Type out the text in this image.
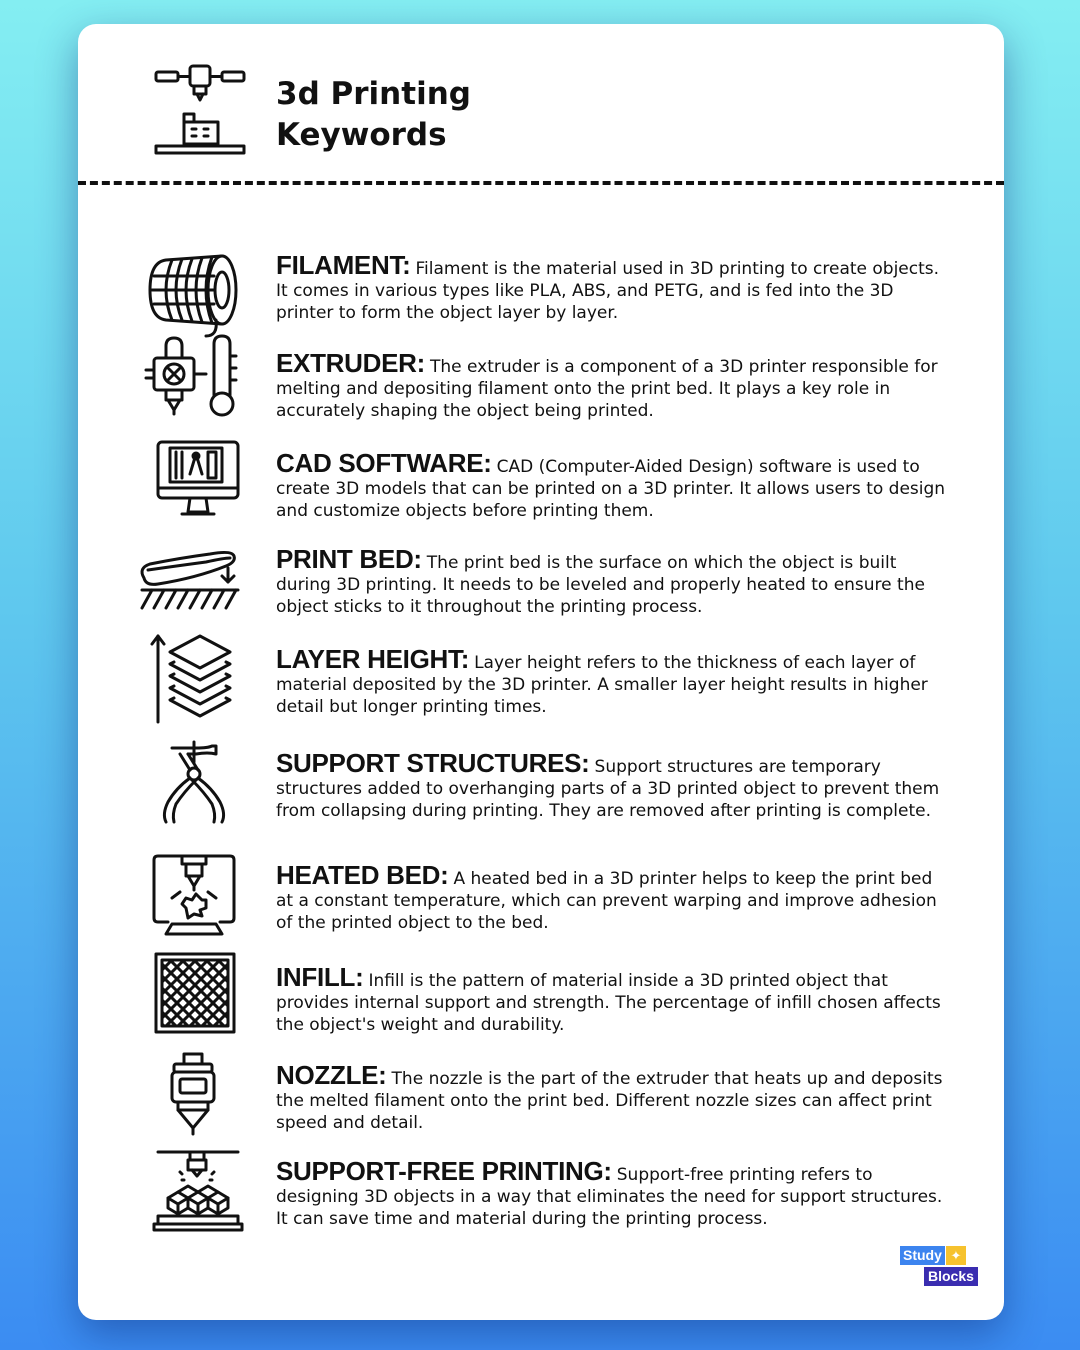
3d Printing
Keywords

FILAMENT: Filament is the material used in 3D printing to create objects. It comes in various types like PLA, ABS, and PETG, and is fed into the 3D printer to form the object layer by layer.

EXTRUDER: The extruder is a component of a 3D printer responsible for melting and depositing filament onto the print bed. It plays a key role in accurately shaping the object being printed.

CAD SOFTWARE: CAD (Computer-Aided Design) software is used to create 3D models that can be printed on a 3D printer. It allows users to design and customize objects before printing them.

PRINT BED: The print bed is the surface on which the object is built during 3D printing. It needs to be leveled and properly heated to ensure the object sticks to it throughout the printing process.

LAYER HEIGHT: Layer height refers to the thickness of each layer of material deposited by the 3D printer. A smaller layer height results in higher detail but longer printing times.

SUPPORT STRUCTURES: Support structures are temporary structures added to overhanging parts of a 3D printed object to prevent them from collapsing during printing. They are removed after printing is complete.

HEATED BED: A heated bed in a 3D printer helps to keep the print bed at a constant temperature, which can prevent warping and improve adhesion of the printed object to the bed.

INFILL: Infill is the pattern of material inside a 3D printed object that provides internal support and strength. The percentage of infill chosen affects the object's weight and durability.

NOZZLE: The nozzle is the part of the extruder that heats up and deposits the melted filament onto the print bed. Different nozzle sizes can affect print speed and detail.

SUPPORT-FREE PRINTING: Support-free printing refers to designing 3D objects in a way that eliminates the need for support structures. It can save time and material during the printing process.

Study ✦
Blocks
